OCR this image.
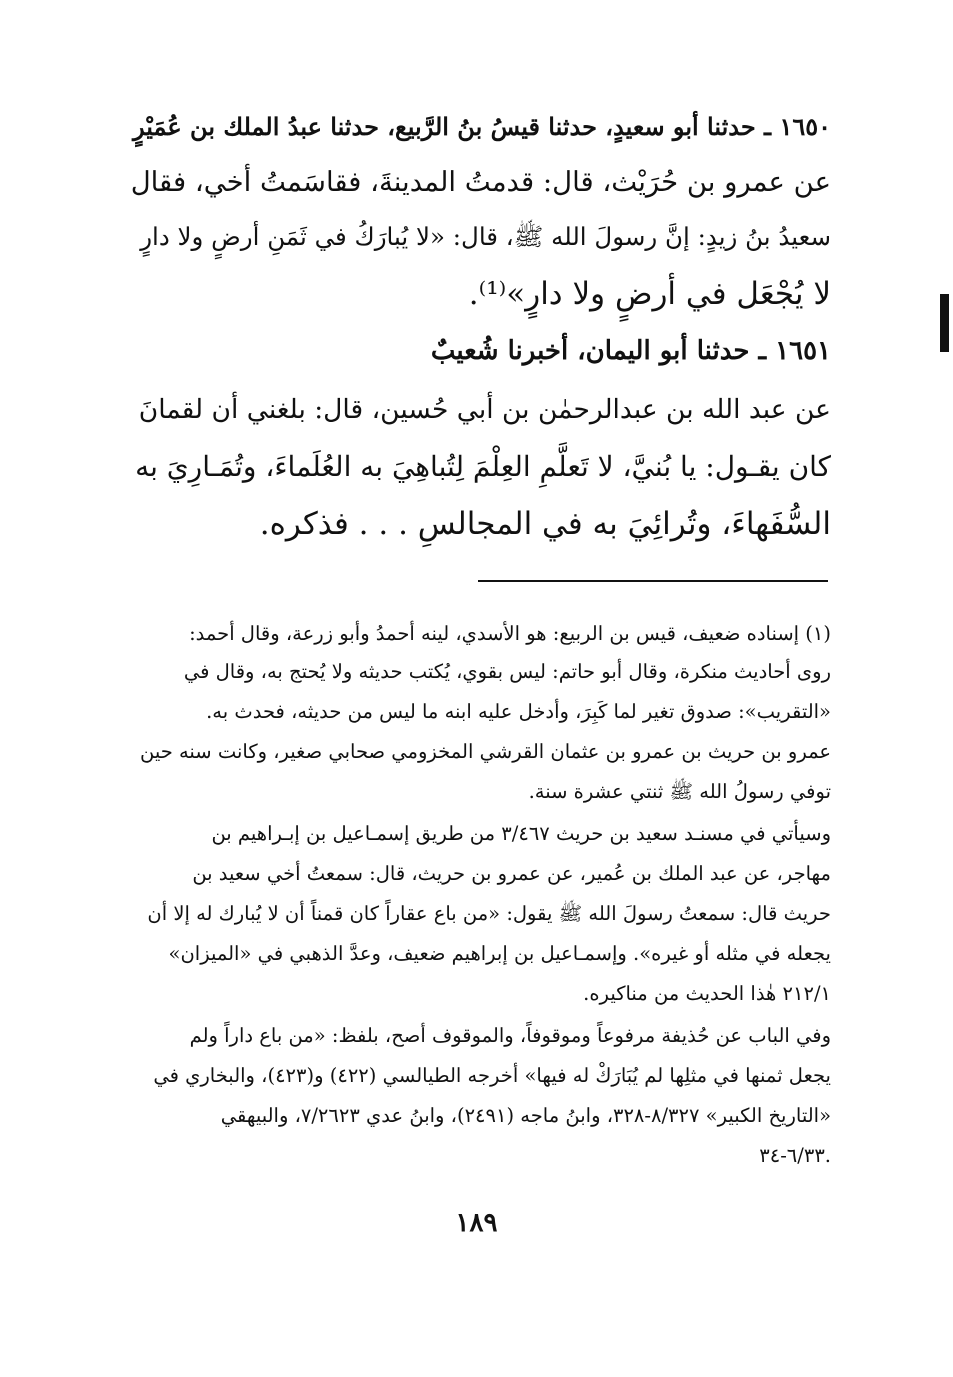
١٦٥٠ ـ حدثنا أبو سعيدٍ، حدثنا قيسُ بنُ الرَّبيع، حدثنا عبدُ الملك بن عُمَيْرٍ
عن عمرو بن حُرَيْث، قال: قدمتُ المدينةَ، فقاسَمتُ أخي، فقال
سعيدُ بنُ زيدٍ: إنَّ رسولَ الله ﷺ، قال: «لا يُبارَكُ في ثَمَنِ أرضٍ ولا دارٍ
لا يُجْعَل في أرضٍ ولا دارٍ»⁽¹⁾.
١٦٥١ ـ حدثنا أبو اليمان، أخبرنا شُعيبٌ
عن عبد الله بن عبدالرحمٰن بن أبي حُسين، قال: بلغني أن لقمانَ
كان يقـول: يا بُنيَّ، لا تَعلَّمِ العِلْمَ لِتُباهِيَ به العُلَماءَ، وتُمَـارِيَ به
السُّفَهاءَ، وتُرائِيَ به في المجالسِ . . . فذكره.
(١) إسناده ضعيف، قيس بن الربيع: هو الأسدي، لينه أحمدُ وأبو زرعة، وقال أحمد:
روى أحاديث منكرة، وقال أبو حاتم: ليس بقوي، يُكتب حديثه ولا يُحتج به، وقال في
«التقريب»: صدوق تغير لما كَبِرَ، وأدخل عليه ابنه ما ليس من حديثه، فحدث به.
عمرو بن حريث بن عمرو بن عثمان القرشي المخزومي صحابي صغير، وكانت سنه حين
توفي رسولُ الله ﷺ ثنتي عشرة سنة.
وسيأتي في مسنـد سعيد بن حريث ٣/٤٦٧ من طريق إسمـاعيل بن إبـراهيم بن
مهاجر، عن عبد الملك بن عُمير، عن عمرو بن حريث، قال: سمعتُ أخي سعيد بن
حريث قال: سمعتُ رسولَ الله ﷺ يقول: «من باع عقاراً كان قمناً أن لا يُبارك له إلا أن
يجعله في مثله أو غيره». وإسمـاعيل بن إبراهيم ضعيف، وعدَّ الذهبي في «الميزان»
٢١٢/١ هٰذا الحديث من مناكيره.
وفي الباب عن حُذيفة مرفوعاً وموقوفاً، والموقوف أصح، بلفظ: «من باع داراً ولم
يجعل ثمنها في مثلِها لم يُبَارَكْ له فيها» أخرجه الطيالسي (٤٢٢) و(٤٢٣)، والبخاري في
«التاريخ الكبير» ٨/٣٢٧-٣٢٨، وابنُ ماجه (٢٤٩١)، وابنُ عدي ٧/٢٦٢٣، والبيهقي
٦/٣٣-٣٤.
١٨٩
